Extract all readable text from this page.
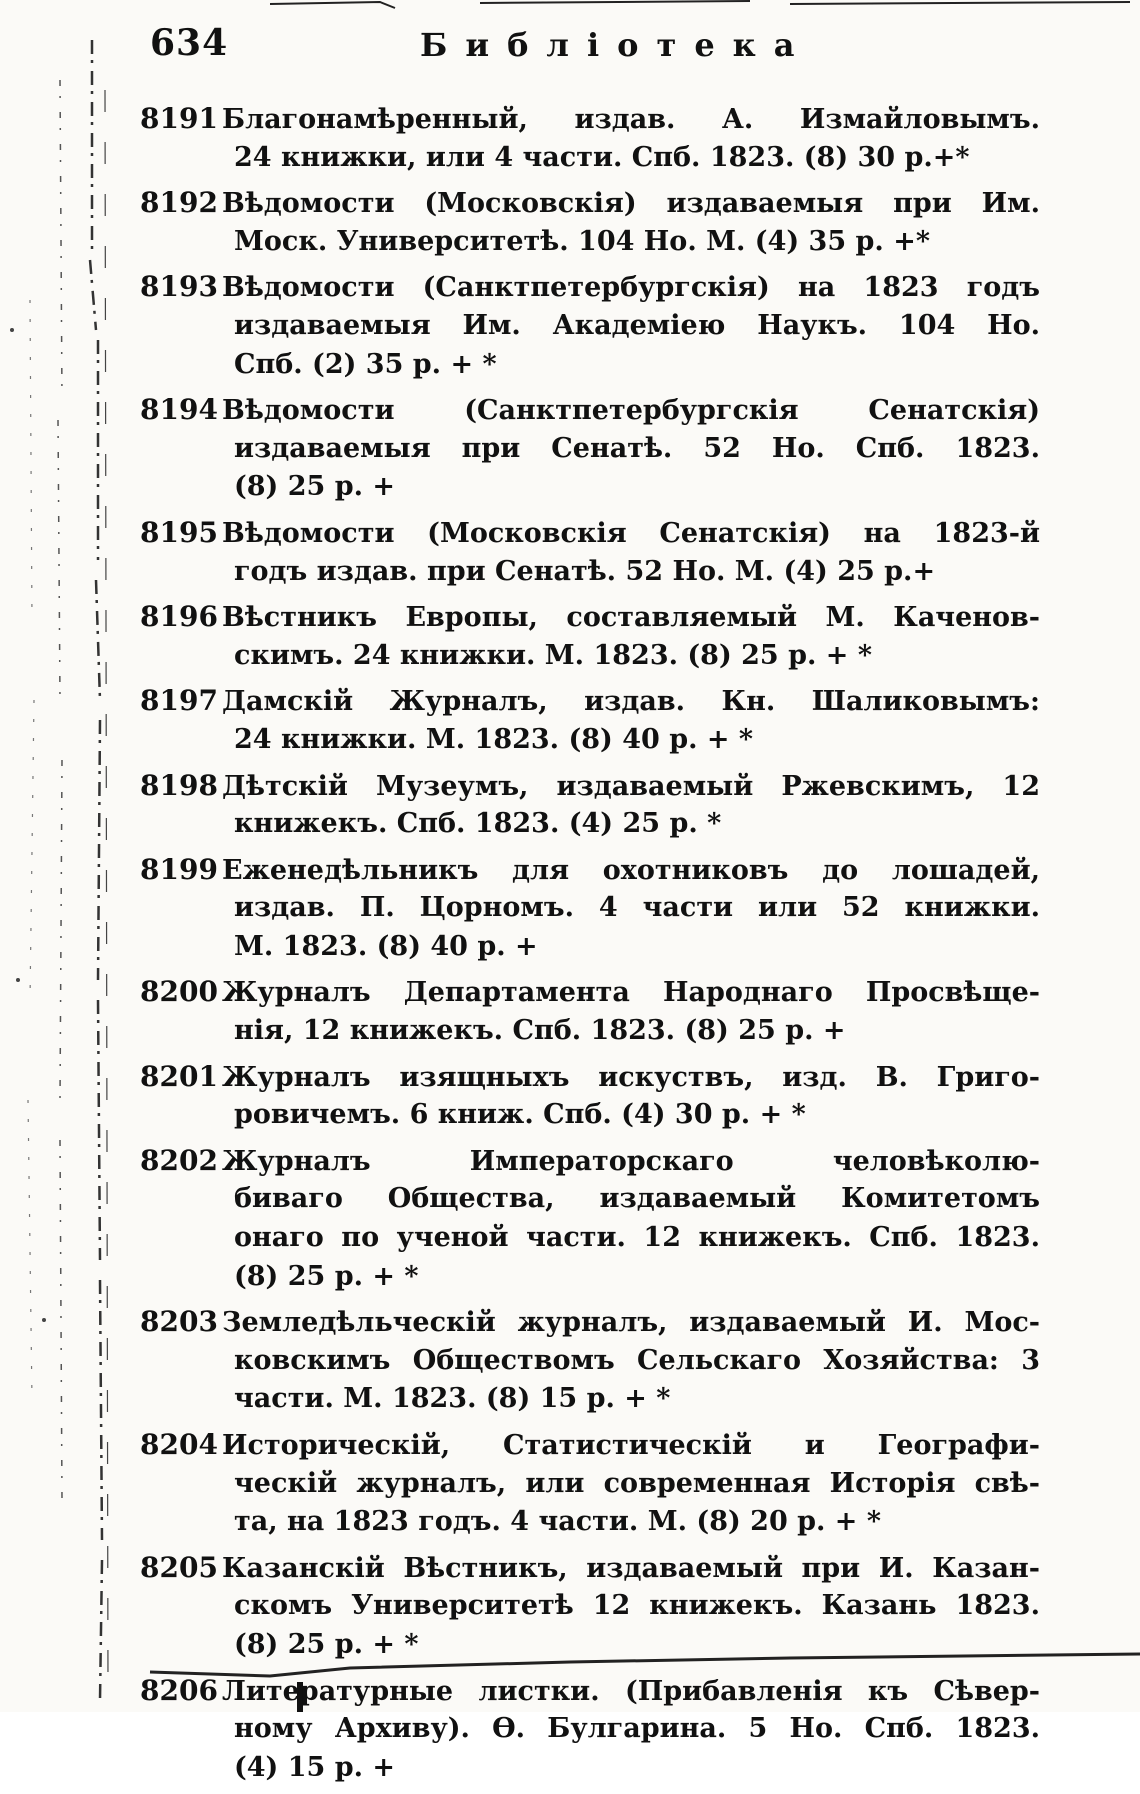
634	Библіотека
8191 Благонамѣренный, издав. А. Измайловымъ.
24 книжки, или 4 части. Спб. 1823. (8) 30 р.+*
8192 Вѣдомости (Московскія) издаваемыя при Им.
Моск. Университетѣ. 104 Но. М. (4) 35 р. +*
8193 Вѣдомости (Санктпетербургскія) на 1823 годъ
издаваемыя Им. Академіею Наукъ. 104 Но.
Спб. (2) 35 р. + *
8194 Вѣдомости (Санктпетербургскія Сенатскія)
издаваемыя при Сенатѣ. 52 Но. Спб. 1823.
(8) 25 р. +
8195 Вѣдомости (Московскія Сенатскія) на 1823-й
годъ издав. при Сенатѣ. 52 Но. М. (4) 25 р.+
8196 Вѣстникъ Европы, составляемый М. Каченов-
скимъ. 24 книжки. М. 1823. (8) 25 р. + *
8197 Дамскій Журналъ, издав. Кн. Шаликовымъ:
24 книжки. М. 1823. (8) 40 р. + *
8198 Дѣтскій Музеумъ, издаваемый Ржевскимъ, 12
книжекъ. Спб. 1823. (4) 25 р. *
8199 Еженедѣльникъ для охотниковъ до лошадей,
издав. П. Цорномъ. 4 части или 52 книжки.
М. 1823. (8) 40 р. +
8200 Журналъ Департамента Народнаго Просвѣще-
нія, 12 книжекъ. Спб. 1823. (8) 25 р. +
8201 Журналъ изящныхъ искуствъ, изд. В. Григо-
ровичемъ. 6 книж. Спб. (4) 30 р. + *
8202 Журналъ Императорскаго человѣколю-
биваго Общества, издаваемый Комитетомъ
онаго по ученой части. 12 книжекъ. Спб. 1823.
(8) 25 р. + *
8203 Земледѣльческій журналъ, издаваемый И. Мос-
ковскимъ Обществомъ Сельскаго Хозяйства: 3
части. М. 1823. (8) 15 р. + *
8204 Историческій, Статистическій и Географи-
ческій журналъ, или современная Исторія свѣ-
та, на 1823 годъ. 4 части. М. (8) 20 р. + *
8205 Казанскій Вѣстникъ, издаваемый при И. Казан-
скомъ Университетѣ 12 книжекъ. Казань 1823.
(8) 25 р. + *
8206 Литературные листки. (Прибавленія къ Сѣвер-
ному Архиву). Ѳ. Булгарина. 5 Но. Спб. 1823.
(4) 15 р. +
